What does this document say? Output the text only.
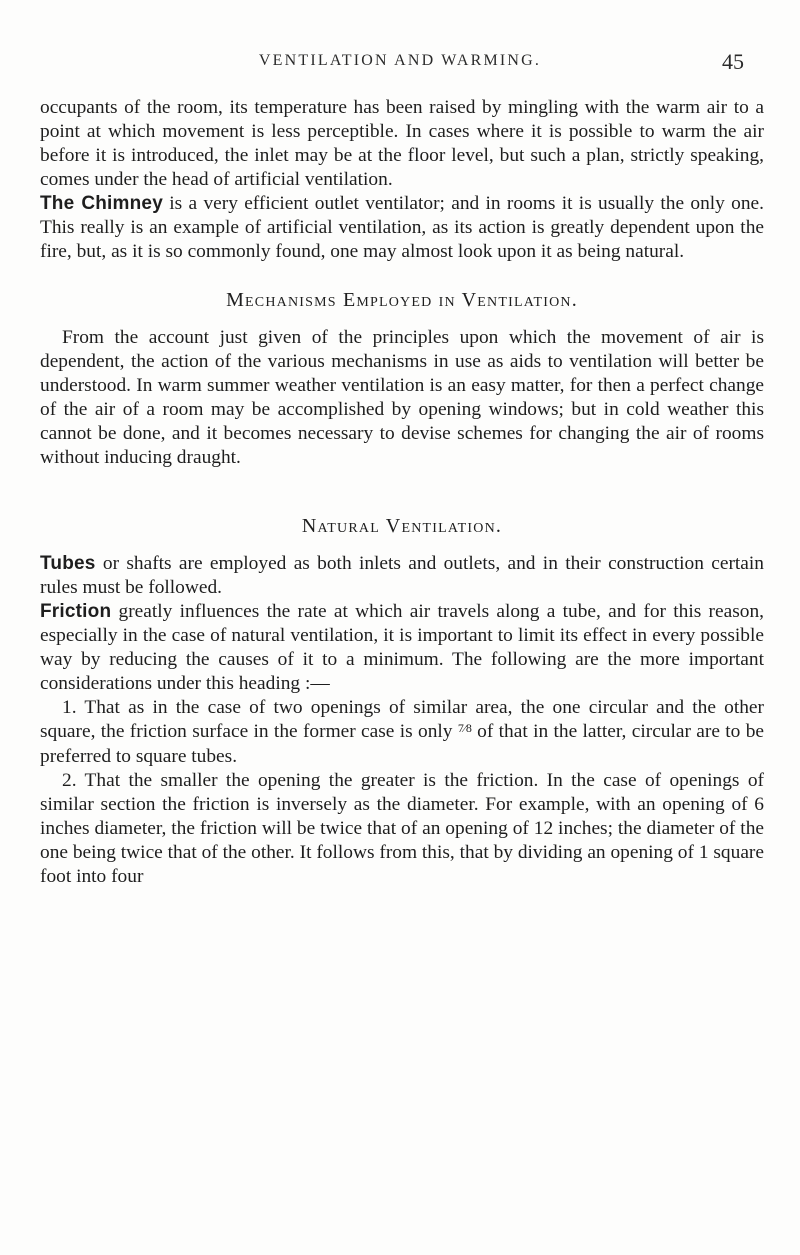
VENTILATION AND WARMING.	45

occupants of the room, its temperature has been raised by mingling with the warm air to a point at which movement is less perceptible. In cases where it is possible to warm the air before it is introduced, the inlet may be at the floor level, but such a plan, strictly speaking, comes under the head of artificial ventilation.

The Chimney is a very efficient outlet ventilator; and in rooms it is usually the only one. This really is an example of artificial ventilation, as its action is greatly dependent upon the fire, but, as it is so commonly found, one may almost look upon it as being natural.

Mechanisms Employed in Ventilation.

From the account just given of the principles upon which the movement of air is dependent, the action of the various mechanisms in use as aids to ventilation will better be understood. In warm summer weather ventilation is an easy matter, for then a perfect change of the air of a room may be accomplished by opening windows; but in cold weather this cannot be done, and it becomes necessary to devise schemes for changing the air of rooms without inducing draught.

Natural Ventilation.

Tubes or shafts are employed as both inlets and outlets, and in their construction certain rules must be followed.

Friction greatly influences the rate at which air travels along a tube, and for this reason, especially in the case of natural ventilation, it is important to limit its effect in every possible way by reducing the causes of it to a minimum. The following are the more important considerations under this heading :—

1. That as in the case of two openings of similar area, the one circular and the other square, the friction surface in the former case is only $^{7⁄8}$ of that in the latter, circular are to be preferred to square tubes.

2. That the smaller the opening the greater is the friction. In the case of openings of similar section the friction is inversely as the diameter. For example, with an opening of 6 inches diameter, the friction will be twice that of an opening of 12 inches; the diameter of the one being twice that of the other. It follows from this, that by dividing an opening of 1 square foot into four
